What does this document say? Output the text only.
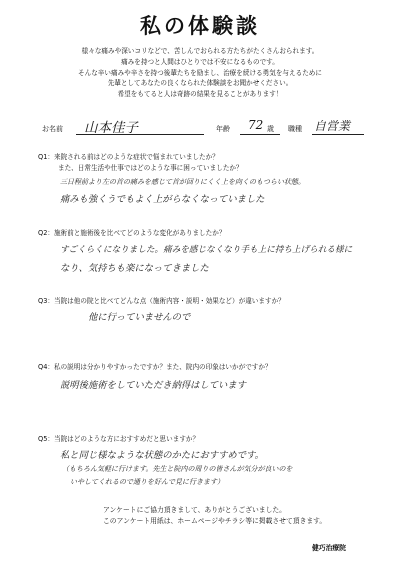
私の体験談
様々な痛みや深いコリなどで、苦しんでおられる方たちがたくさんおられます。
痛みを持つと人間はひとりでは不安になるものです。
そんな辛い痛みや辛さを持つ後輩たちを励まし、治療を続ける勇気を与えるために
先輩としてあなたの良くなられた体験談をお聞かせください。
希望をもてると人は奇跡の結果を見ることがあります！
お名前 山本佳子	年齢 72 歳 職種 自営業
Q1：来院される前はどのような症状で悩まれていましたか？
また、日常生活や仕事ではどのような事に困っていましたか？
三日程前より左の首の痛みを感じて首が回りにくく上を向くのもつらい状態。
痛みも強くうでもよく上がらなくなっていました
Q2：施術前と施術後を比べてどのような変化がありましたか？
すごくらくになりました。痛みを感じなくなり手も上に持ち上げられる様に
なり、気持ちも楽になってきました
Q3：当院は他の院と比べてどんな点（施術内容・説明・効果など）が違いますか？
他に行っていませんので
Q4：私の説明は分かりやすかったですか？また、院内の印象はいかがですか？
説明後施術をしていただき納得はしています
Q5：当院はどのような方におすすめだと思いますか？
私と同じ様なような状態のかたにおすすめです。
（もちろん気軽に行けます。先生と院内の周りの皆さんが気分が良いのを
いやしてくれるので通りを好んで見に行きます）
アンケートにご協力頂きまして、ありがとうございました。
このアンケート用紙は、ホームページやチラシ等に掲載させて頂きます。
健巧治療院
